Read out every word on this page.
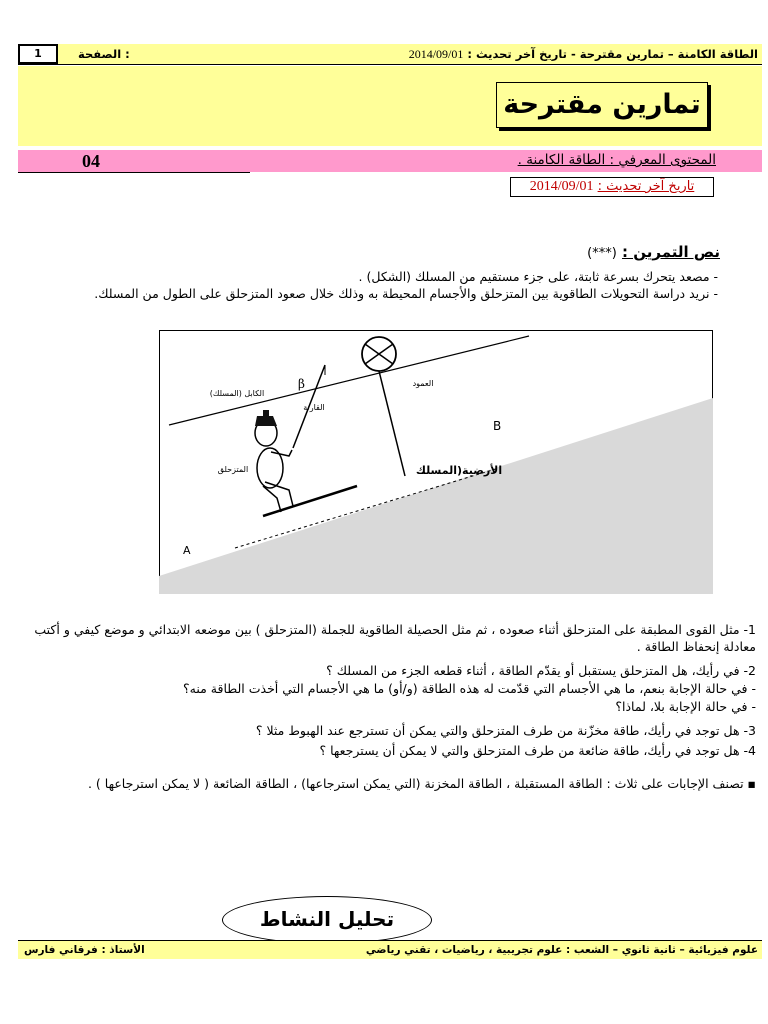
الطاقة الكامنة – تمارين مقترحة - تاريخ آخر تحديث : 2014/09/01
الصفحة :
1
تمارين مقترحة
المحتوى المعرفي : الطاقة الكامنة .
04
تاريخ آخر تحديث : 2014/09/01
نص التمرين : (***)
- مصعد يتحرك بسرعة ثابتة، على جزء مستقيم من المسلك (الشكل) .
- نريد دراسة التحويلات الطاقوية بين المتزحلق والأجسام المحيطة به وذلك خلال صعود المتزحلق على الطول من المسلك.
الكابل (المسلك)
العمود
القارنة
المتزحلق	الأرضية(المسلك
β
A
B
1- مثل القوى المطبقة على المتزحلق أثناء صعوده ، ثم مثل الحصيلة الطاقوية للجملة (المتزحلق ) بين موضعه الابتدائي و موضع كيفي و أكتب معادلة إنحفاظ الطاقة .
2- في رأيك، هل المتزحلق يستقبل أو يقدّم الطاقة ، أثناء قطعه الجزء من المسلك ؟
- في حالة الإجابة بنعم، ما هي الأجسام التي قدّمت له هذه الطاقة (و/أو) ما هي الأجسام التي أخذت الطاقة منه؟
- في حالة الإجابة بلا، لماذا؟
3- هل توجد في رأيك، طاقة مخزّنة من طرف المتزحلق والتي يمكن أن تسترجع عند الهبوط مثلا ؟
4- هل توجد في رأيك، طاقة ضائعة من طرف المتزحلق والتي لا يمكن أن يسترجعها ؟
▪ تصنف الإجابات على ثلاث : الطاقة المستقبلة ، الطاقة المخزنة (التي يمكن استرجاعها) ، الطاقة الضائعة ( لا يمكن استرجاعها ) .
تحليل النشاط
علوم فيزيائية – ثانية ثانوي – الشعب : علوم تجريبية ، رياضيات ، تقني رياضي
الأستاذ : فرقاني فارس
